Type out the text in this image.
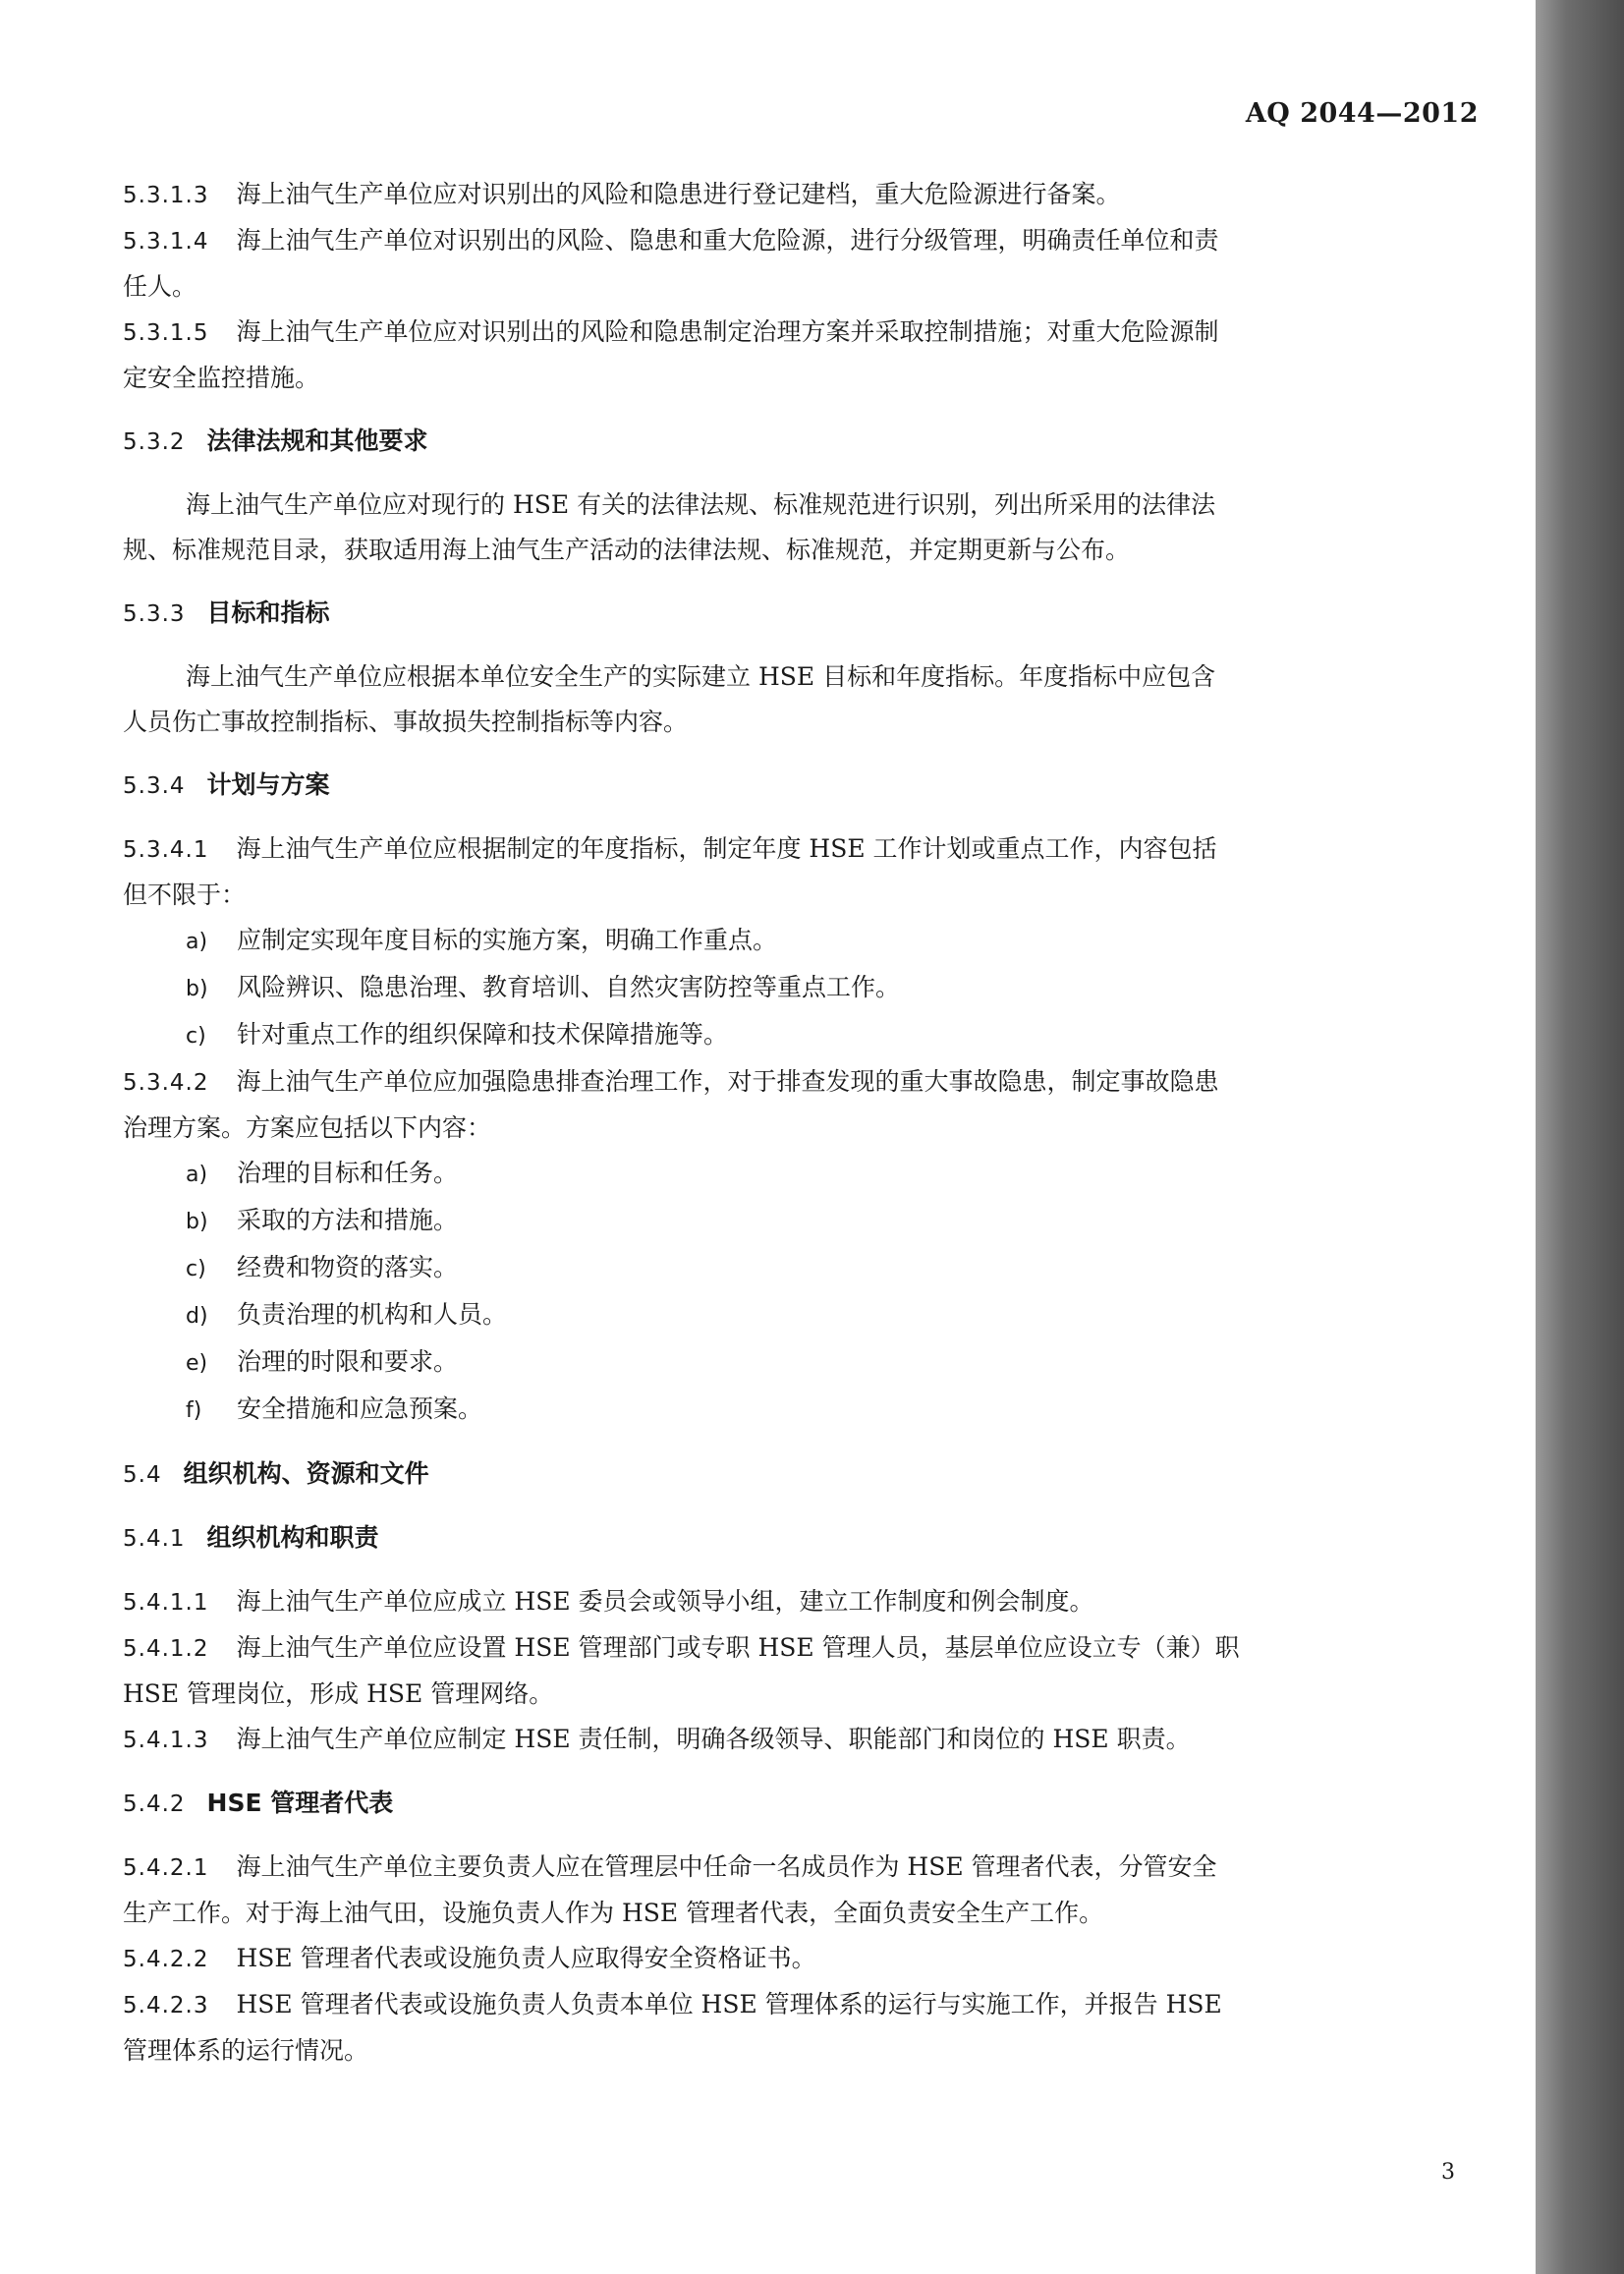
AQ 2044—2012
5.3.1.3 海上油气生产单位应对识别出的风险和隐患进行登记建档，重大危险源进行备案。
5.3.1.4 海上油气生产单位对识别出的风险、隐患和重大危险源，进行分级管理，明确责任单位和责
任人。
5.3.1.5 海上油气生产单位应对识别出的风险和隐患制定治理方案并采取控制措施；对重大危险源制
定安全监控措施。
5.3.2 法律法规和其他要求
海上油气生产单位应对现行的 HSE 有关的法律法规、标准规范进行识别，列出所采用的法律法
规、标准规范目录，获取适用海上油气生产活动的法律法规、标准规范，并定期更新与公布。
5.3.3 目标和指标
海上油气生产单位应根据本单位安全生产的实际建立 HSE 目标和年度指标。年度指标中应包含
人员伤亡事故控制指标、事故损失控制指标等内容。
5.3.4 计划与方案
5.3.4.1 海上油气生产单位应根据制定的年度指标，制定年度 HSE 工作计划或重点工作，内容包括
但不限于：
a) 应制定实现年度目标的实施方案，明确工作重点。
b) 风险辨识、隐患治理、教育培训、自然灾害防控等重点工作。
c) 针对重点工作的组织保障和技术保障措施等。
5.3.4.2 海上油气生产单位应加强隐患排查治理工作，对于排查发现的重大事故隐患，制定事故隐患
治理方案。方案应包括以下内容：
a) 治理的目标和任务。
b) 采取的方法和措施。
c) 经费和物资的落实。
d) 负责治理的机构和人员。
e) 治理的时限和要求。
f) 安全措施和应急预案。
5.4 组织机构、资源和文件
5.4.1 组织机构和职责
5.4.1.1 海上油气生产单位应成立 HSE 委员会或领导小组，建立工作制度和例会制度。
5.4.1.2 海上油气生产单位应设置 HSE 管理部门或专职 HSE 管理人员，基层单位应设立专（兼）职
HSE 管理岗位，形成 HSE 管理网络。
5.4.1.3 海上油气生产单位应制定 HSE 责任制，明确各级领导、职能部门和岗位的 HSE 职责。
5.4.2 HSE 管理者代表
5.4.2.1 海上油气生产单位主要负责人应在管理层中任命一名成员作为 HSE 管理者代表，分管安全
生产工作。对于海上油气田，设施负责人作为 HSE 管理者代表，全面负责安全生产工作。
5.4.2.2 HSE 管理者代表或设施负责人应取得安全资格证书。
5.4.2.3 HSE 管理者代表或设施负责人负责本单位 HSE 管理体系的运行与实施工作，并报告 HSE
管理体系的运行情况。
3
